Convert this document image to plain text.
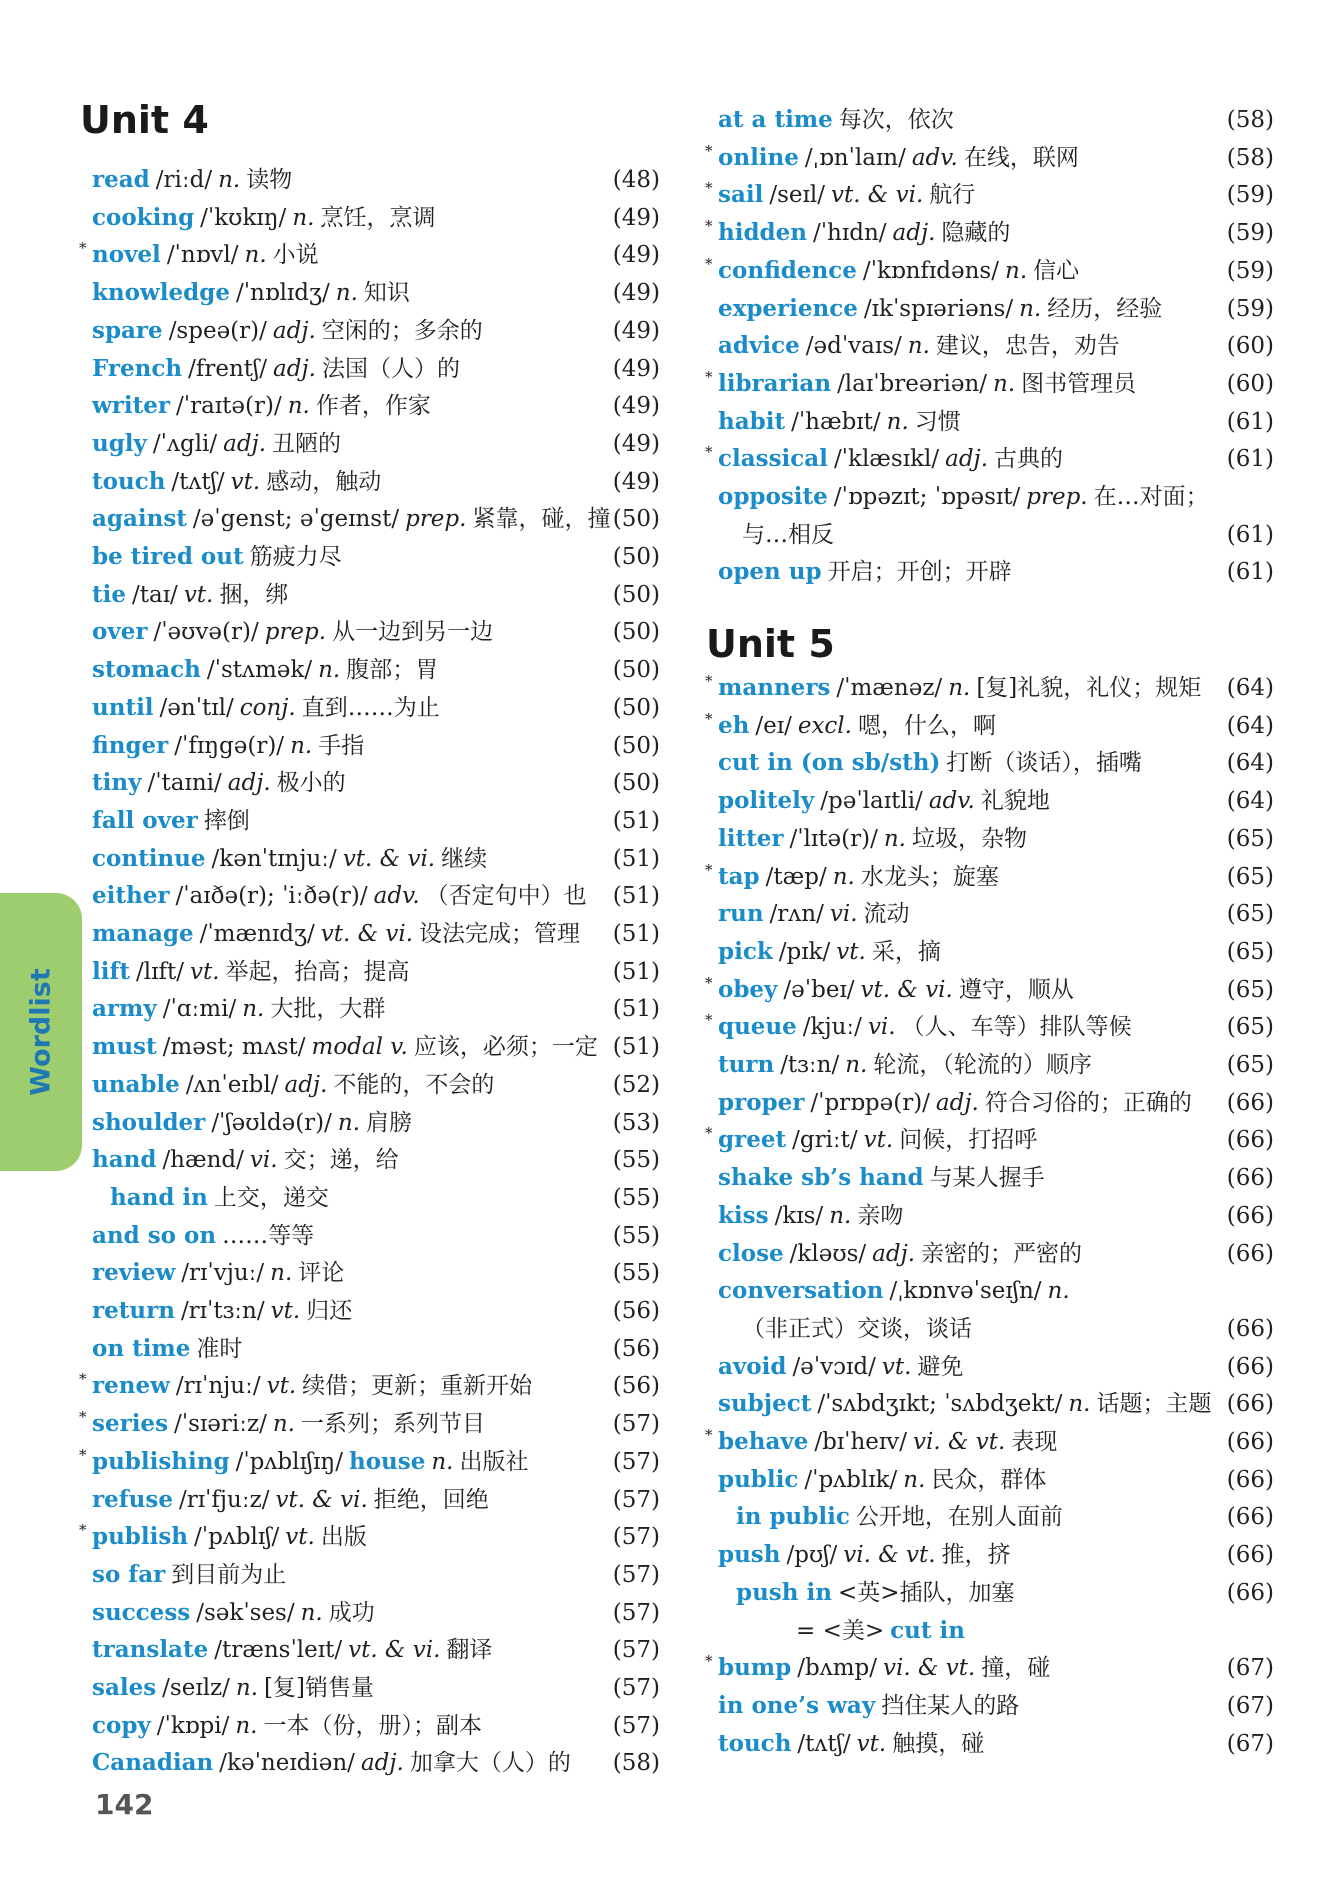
Unit 4
read /riːd/ n. 读物	(48)
cooking /ˈkʊkɪŋ/ n. 烹饪，烹调	(49)
* novel /ˈnɒvl/ n. 小说	(49)
knowledge /ˈnɒlɪdʒ/ n. 知识	(49)
spare /speə(r)/ adj. 空闲的；多余的	(49)
French /frentʃ/ adj. 法国（人）的	(49)
writer /ˈraɪtə(r)/ n. 作者，作家	(49)
ugly /ˈʌgli/ adj. 丑陋的	(49)
touch /tʌtʃ/ vt. 感动，触动	(49)
against /əˈgenst; əˈgeɪnst/ prep. 紧靠，碰，撞 (50)
be tired out 筋疲力尽	(50)
tie /taɪ/ vt. 捆，绑	(50)
over /ˈəʊvə(r)/ prep. 从一边到另一边	(50)
stomach /ˈstʌmək/ n. 腹部；胃	(50)
until /ənˈtɪl/ conj. 直到……为止	(50)
finger /ˈfɪŋgə(r)/ n. 手指	(50)
tiny /ˈtaɪni/ adj. 极小的	(50)
fall over 摔倒	(51)
continue /kənˈtɪnjuː/ vt. & vi. 继续	(51)
either /ˈaɪðə(r); ˈiːðə(r)/ adv. （否定句中）也 (51)
manage /ˈmænɪdʒ/ vt. & vi. 设法完成；管理 (51)
lift /lɪft/ vt. 举起，抬高；提高	(51)
army /ˈɑːmi/ n. 大批，大群	(51)
must /məst; mʌst/ modal v. 应该，必须；一定 (51)
unable /ʌnˈeɪbl/ adj. 不能的，不会的	(52)
shoulder /ˈʃəʊldə(r)/ n. 肩膀	(53)
hand /hænd/ vi. 交；递，给	(55)
hand in 上交，递交	(55)
and so on ……等等	(55)
review /rɪˈvjuː/ n. 评论	(55)
return /rɪˈtɜːn/ vt. 归还	(56)
on time 准时	(56)
* renew /rɪˈnjuː/ vt. 续借；更新；重新开始	(56)
* series /ˈsɪəriːz/ n. 一系列；系列节目	(57)
* publishing /ˈpʌblɪʃɪŋ/ house n. 出版社	(57)
refuse /rɪˈfjuːz/ vt. & vi. 拒绝，回绝	(57)
* publish /ˈpʌblɪʃ/ vt. 出版	(57)
so far 到目前为止	(57)
success /səkˈses/ n. 成功	(57)
translate /trænsˈleɪt/ vt. & vi. 翻译	(57)
sales /seɪlz/ n. [复]销售量	(57)
copy /ˈkɒpi/ n. 一本（份，册）；副本	(57)
Canadian /kəˈneɪdiən/ adj. 加拿大（人）的 (58)
at a time 每次，依次	(58)
* online /ˌɒnˈlaɪn/ adv. 在线，联网	(58)
* sail /seɪl/ vt. & vi. 航行	(59)
* hidden /ˈhɪdn/ adj. 隐藏的	(59)
* confidence /ˈkɒnfɪdəns/ n. 信心	(59)
experience /ɪkˈspɪəriəns/ n. 经历，经验	(59)
advice /ədˈvaɪs/ n. 建议，忠告，劝告	(60)
* librarian /laɪˈbreəriən/ n. 图书管理员	(60)
habit /ˈhæbɪt/ n. 习惯	(61)
* classical /ˈklæsɪkl/ adj. 古典的	(61)
opposite /ˈɒpəzɪt; ˈɒpəsɪt/ prep. 在…对面；
与…相反	(61)
open up 开启；开创；开辟	(61)
Unit 5
* manners /ˈmænəz/ n. [复]礼貌，礼仪；规矩 (64)
* eh /eɪ/ excl. 嗯，什么，啊	(64)
cut in (on sb/sth) 打断（谈话），插嘴	(64)
politely /pəˈlaɪtli/ adv. 礼貌地	(64)
litter /ˈlɪtə(r)/ n. 垃圾，杂物	(65)
* tap /tæp/ n. 水龙头；旋塞	(65)
run /rʌn/ vi. 流动	(65)
pick /pɪk/ vt. 采，摘	(65)
* obey /əˈbeɪ/ vt. & vi. 遵守，顺从	(65)
* queue /kjuː/ vi. （人、车等）排队等候	(65)
turn /tɜːn/ n. 轮流，（轮流的）顺序	(65)
proper /ˈprɒpə(r)/ adj. 符合习俗的；正确的 (66)
* greet /griːt/ vt. 问候，打招呼	(66)
shake sb’s hand 与某人握手	(66)
kiss /kɪs/ n. 亲吻	(66)
close /kləʊs/ adj. 亲密的；严密的	(66)
conversation /ˌkɒnvəˈseɪʃn/ n.
（非正式）交谈，谈话	(66)
avoid /əˈvɔɪd/ vt. 避免	(66)
subject /ˈsʌbdʒɪkt; ˈsʌbdʒekt/ n. 话题；主题 (66)
* behave /bɪˈheɪv/ vi. & vt. 表现	(66)
public /ˈpʌblɪk/ n. 民众，群体	(66)
in public 公开地，在别人面前	(66)
push /pʊʃ/ vi. & vt. 推，挤	(66)
push in <英>插队，加塞	(66)
= <美> cut in
* bump /bʌmp/ vi. & vt. 撞，碰	(67)
in one’s way 挡住某人的路	(67)
touch /tʌtʃ/ vt. 触摸，碰	(67)
Wordlist
142
